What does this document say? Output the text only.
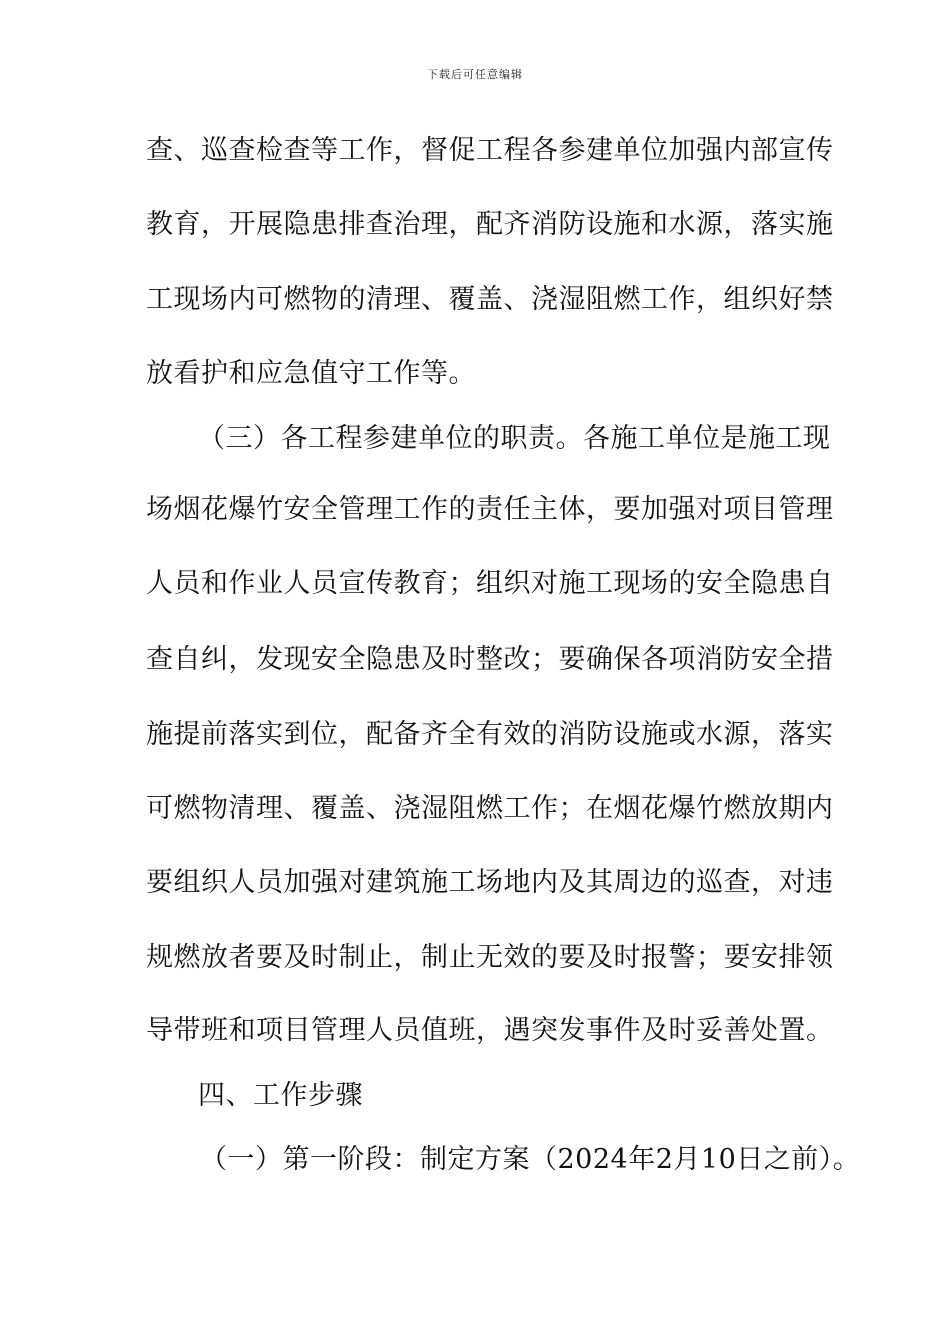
下载后可任意编辑
查、巡查检查等工作，督促工程各参建单位加强内部宣传
教育，开展隐患排查治理，配齐消防设施和水源，落实施
工现场内可燃物的清理、覆盖、浇湿阻燃工作，组织好禁
放看护和应急值守工作等。
（三）各工程参建单位的职责。各施工单位是施工现
场烟花爆竹安全管理工作的责任主体，要加强对项目管理
人员和作业人员宣传教育；组织对施工现场的安全隐患自
查自纠，发现安全隐患及时整改；要确保各项消防安全措
施提前落实到位，配备齐全有效的消防设施或水源，落实
可燃物清理、覆盖、浇湿阻燃工作；在烟花爆竹燃放期内
要组织人员加强对建筑施工场地内及其周边的巡查，对违
规燃放者要及时制止，制止无效的要及时报警；要安排领
导带班和项目管理人员值班，遇突发事件及时妥善处置。
四、工作步骤
（一）第一阶段：制定方案（2024年2月10日之前）。
